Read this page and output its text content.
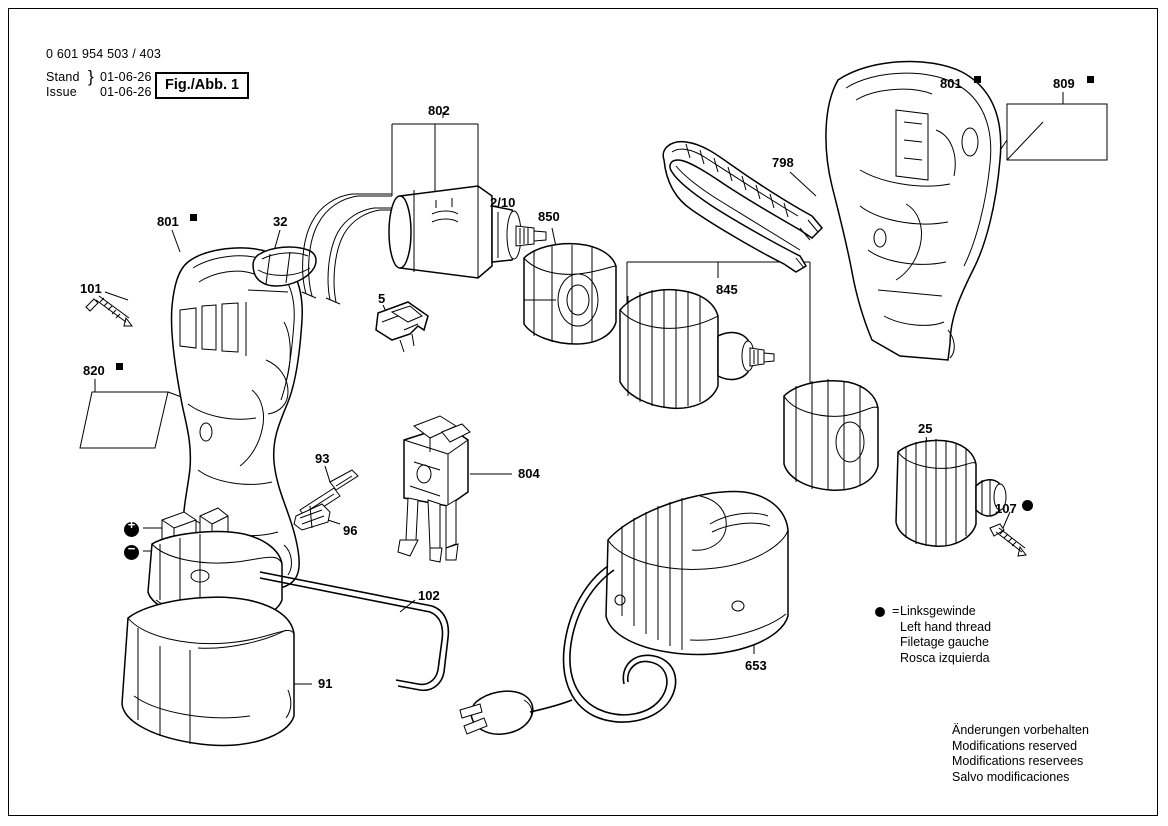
0 601 954 503 / 403
Stand
Issue
} 01-06-26
01-06-26 Fig./Abb. 1
802
2/10
850
798
801	809
845
801	32
101
5
820
25
93
804
107
96
102
653
91
+
−
= Linksgewinde
Left hand thread
Filetage gauche
Rosca izquierda
Änderungen vorbehalten
Modifications reserved
Modifications reservees
Salvo modificaciones
